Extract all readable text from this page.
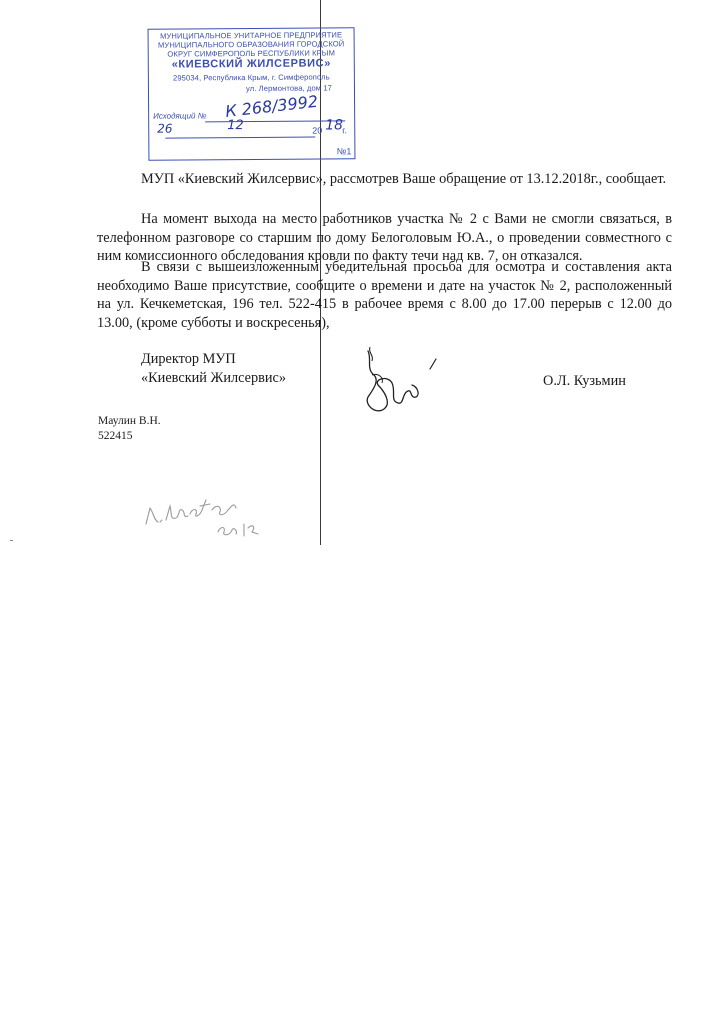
МУНИЦИПАЛЬНОЕ УНИТАРНОЕ ПРЕДПРИЯТИЕ
МУНИЦИПАЛЬНОГО ОБРАЗОВАНИЯ ГОРОДСКОЙ
ОКРУГ СИМФЕРОПОЛЬ РЕСПУБЛИКИ КРЫМ
«КИЕВСКИЙ ЖИЛСЕРВИС»
295034, Республика Крым, г. Симферополь
ул. Лермонтова, дом 17
Исходящий № К 268/3992
26	12	20 18 г.
№1
МУП «Киевский Жилсервис», рассмотрев Ваше обращение от 13.12.2018г., сообщает.
На момент выхода на место работников участка № 2 с Вами не смогли связаться, в телефонном разговоре со старшим по дому Белоголовым Ю.А., о проведении совместного с ним комиссионного обследования кровли по факту течи над кв. 7, он отказался.
В связи с вышеизложенным убедительная просьба для осмотра и составления акта необходимо Ваше присутствие, сообщите о времени и дате на участок № 2, расположенный на ул. Кечкеметская, 196 тел. 522-415 в рабочее время с 8.00 до 17.00 перерыв с 12.00 до 13.00, (кроме субботы и воскресенья),
Директор МУП
«Киевский Жилсервис»	О.Л. Кузьмин
Маулин В.Н.
522415
